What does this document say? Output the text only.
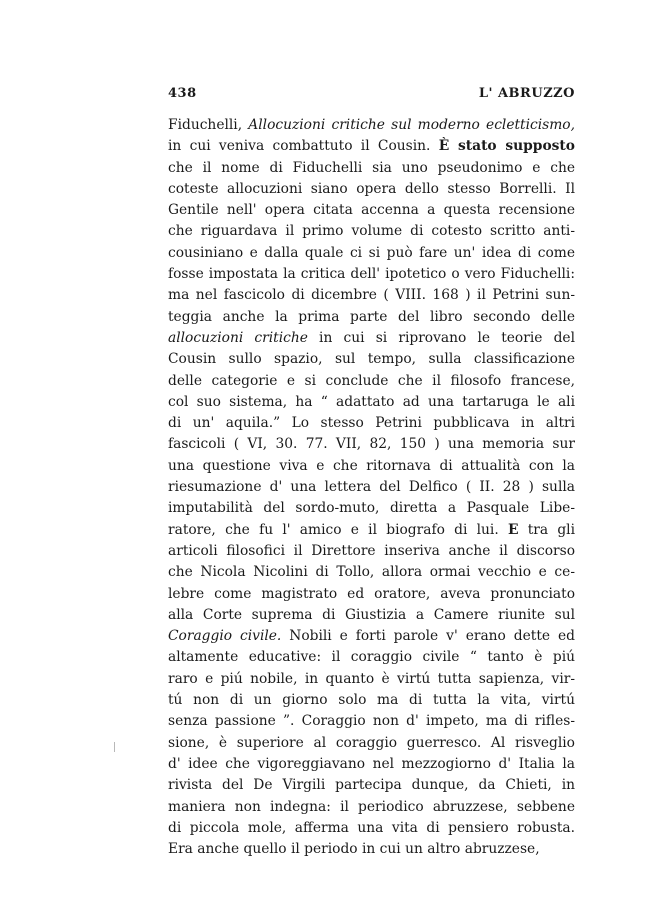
438	L' ABRUZZO
Fiduchelli, Allocuzioni critiche sul moderno ecletticismo,
in cui veniva combattuto il Cousin. È stato supposto
che il nome di Fiduchelli sia uno pseudonimo e che
coteste allocuzioni siano opera dello stesso Borrelli. Il
Gentile nell' opera citata accenna a questa recensione
che riguardava il primo volume di cotesto scritto anti-
cousiniano e dalla quale ci si può fare un' idea di come
fosse impostata la critica dell' ipotetico o vero Fiduchelli:
ma nel fascicolo di dicembre ( VIII. 168 ) il Petrini sun-
teggia anche la prima parte del libro secondo delle
allocuzioni critiche in cui si riprovano le teorie del
Cousin sullo spazio, sul tempo, sulla classificazione
delle categorie e si conclude che il filosofo francese,
col suo sistema, ha “ adattato ad una tartaruga le ali
di un' aquila.” Lo stesso Petrini pubblicava in altri
fascicoli ( VI, 30. 77. VII, 82, 150 ) una memoria sur
una questione viva e che ritornava di attualità con la
riesumazione d' una lettera del Delfico ( II. 28 ) sulla
imputabilità del sordo-muto, diretta a Pasquale Libe-
ratore, che fu l' amico e il biografo di lui. E tra gli
articoli filosofici il Direttore inseriva anche il discorso
che Nicola Nicolini di Tollo, allora ormai vecchio e ce-
lebre come magistrato ed oratore, aveva pronunciato
alla Corte suprema di Giustizia a Camere riunite sul
Coraggio civile. Nobili e forti parole v' erano dette ed
altamente educative: il coraggio civile “ tanto è piú
raro e piú nobile, in quanto è virtú tutta sapienza, vir-
tú non di un giorno solo ma di tutta la vita, virtú
senza passione ”. Coraggio non d' impeto, ma di rifles-
sione, è superiore al coraggio guerresco. Al risveglio
d' idee che vigoreggiavano nel mezzogiorno d' Italia la
rivista del De Virgili partecipa dunque, da Chieti, in
maniera non indegna: il periodico abruzzese, sebbene
di piccola mole, afferma una vita di pensiero robusta.
Era anche quello il periodo in cui un altro abruzzese,
